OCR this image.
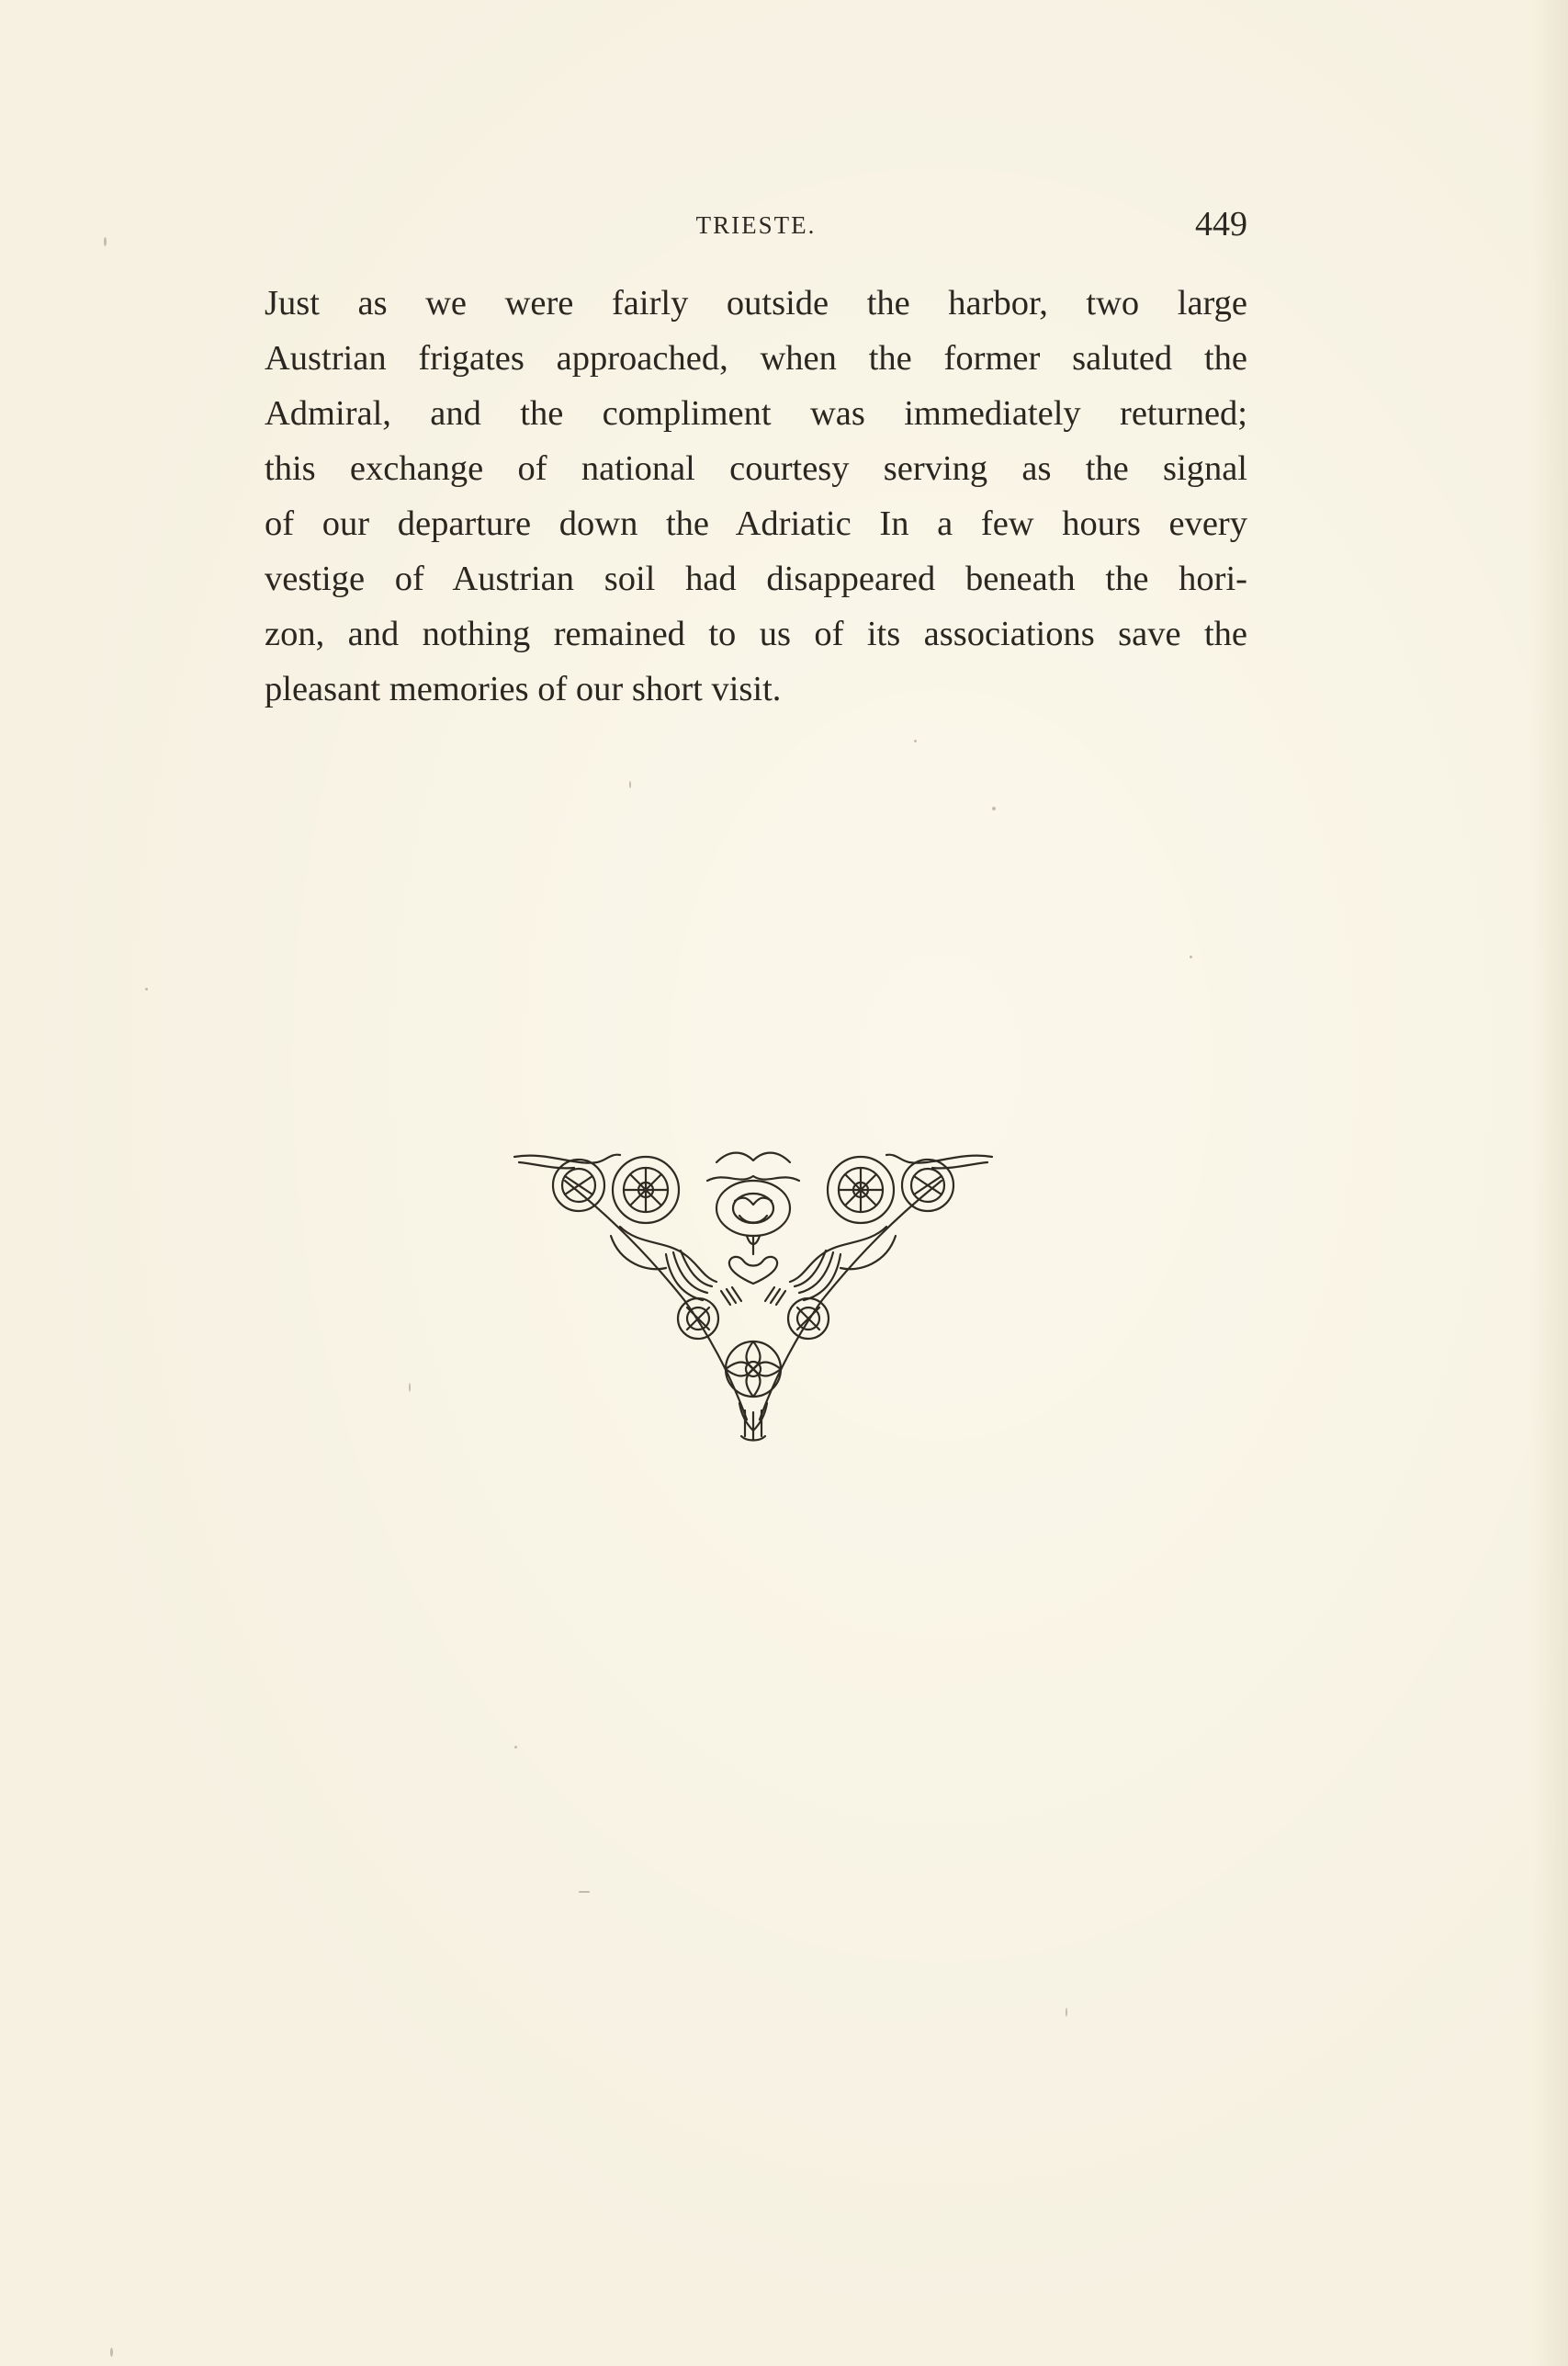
TRIESTE.	449
Just as we were fairly outside the harbor, two large
Austrian frigates approached, when the former saluted the
Admiral, and the compliment was immediately returned;
this exchange of national courtesy serving as the signal
of our departure down the Adriatic In a few hours every
vestige of Austrian soil had disappeared beneath the hori-
zon, and nothing remained to us of its associations save the
pleasant memories of our short visit.
